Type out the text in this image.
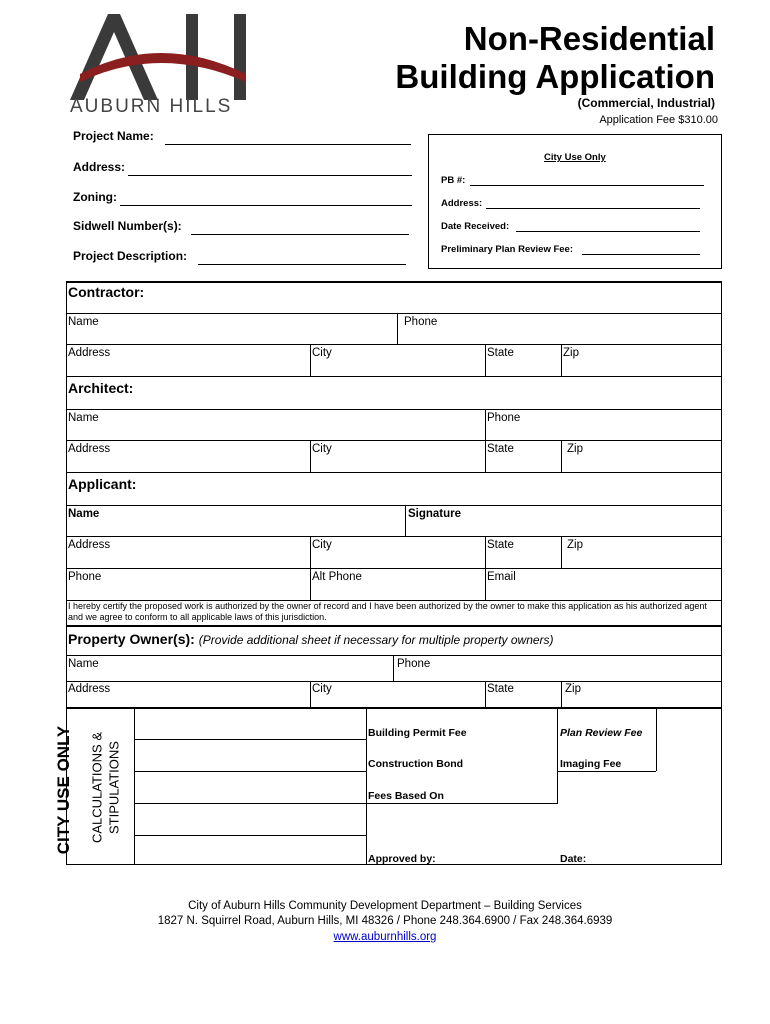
AUBURN HILLS
Non-Residential
Building Application
(Commercial, Industrial)
Application Fee $310.00
Project Name:
Address:
Zoning:
Sidwell Number(s):
Project Description:
City Use Only
PB #:
Address:
Date Received:
Preliminary Plan Review Fee:
Contractor:
Name	Phone
Address	City	State	Zip
Architect:
Name	Phone
Address	City	State	Zip
Applicant:
Name	Signature
Address	City	State	Zip
Phone	Alt Phone	Email
I hereby certify the proposed work is authorized by the owner of record and I have been authorized by the owner to make this application as his authorized agent and we agree to conform to all applicable laws of this jurisdiction.
Property Owner(s): (Provide additional sheet if necessary for multiple property owners)
Name	Phone
Address	City	State	Zip
CITY USE ONLY CALCULATIONS & STIPULATIONS
Building Permit Fee	Plan Review Fee
Construction Bond	Imaging Fee
Fees Based On
Approved by:	Date:
City of Auburn Hills Community Development Department – Building Services
1827 N. Squirrel Road, Auburn Hills, MI 48326 / Phone 248.364.6900 / Fax 248.364.6939
www.auburnhills.org
